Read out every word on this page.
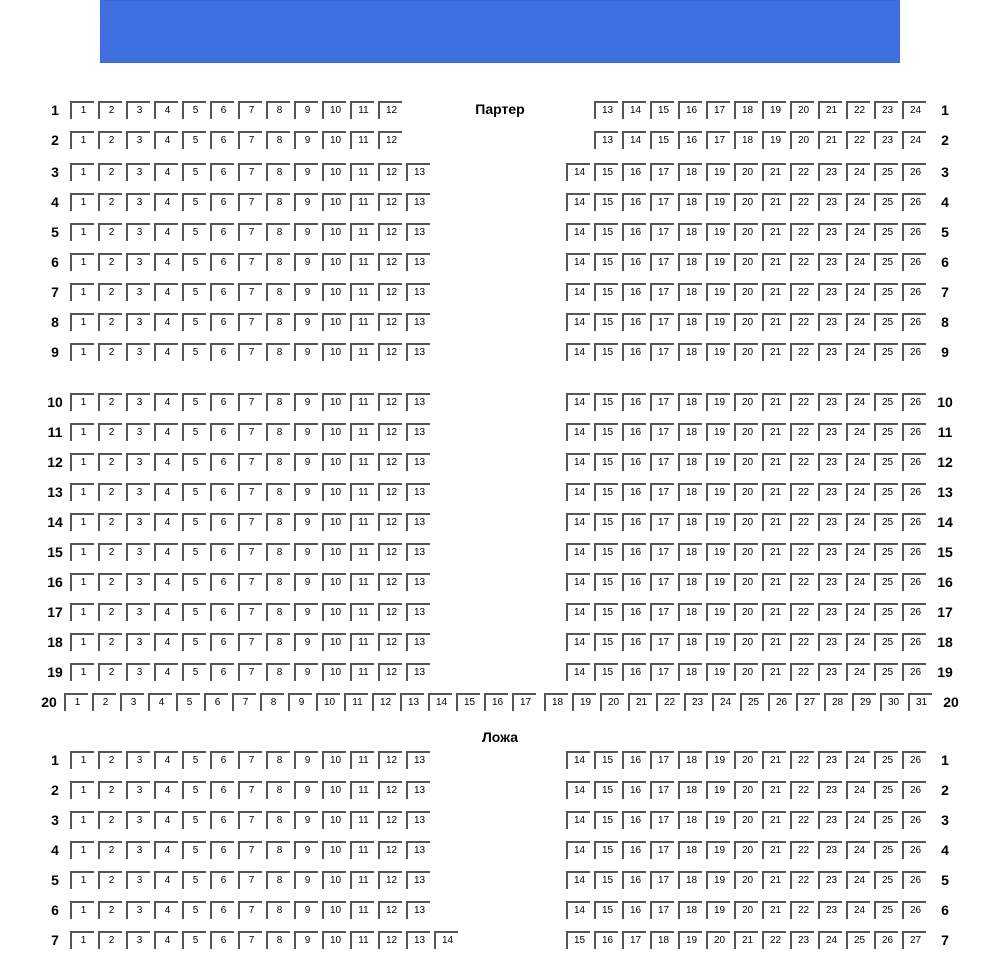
Партер
Ложа
1	1	2	3	4	5	6	7	8	9	10	11	12	13	14	15	16	17	18	19	20	21	22	23	24	1
2	1	2	3	4	5	6	7	8	9	10	11	12	13	14	15	16	17	18	19	20	21	22	23	24	2
3	1	2	3	4	5	6	7	8	9	10	11	12	13	14	15	16	17	18	19	20	21	22	23	24	25	26	3
4	1	2	3	4	5	6	7	8	9	10	11	12	13	14	15	16	17	18	19	20	21	22	23	24	25	26	4
5	1	2	3	4	5	6	7	8	9	10	11	12	13	14	15	16	17	18	19	20	21	22	23	24	25	26	5
6	1	2	3	4	5	6	7	8	9	10	11	12	13	14	15	16	17	18	19	20	21	22	23	24	25	26	6
7	1	2	3	4	5	6	7	8	9	10	11	12	13	14	15	16	17	18	19	20	21	22	23	24	25	26	7
8	1	2	3	4	5	6	7	8	9	10	11	12	13	14	15	16	17	18	19	20	21	22	23	24	25	26	8
9	1	2	3	4	5	6	7	8	9	10	11	12	13	14	15	16	17	18	19	20	21	22	23	24	25	26	9
10	1	2	3	4	5	6	7	8	9	10	11	12	13	14	15	16	17	18	19	20	21	22	23	24	25	26	10
11	1	2	3	4	5	6	7	8	9	10	11	12	13	14	15	16	17	18	19	20	21	22	23	24	25	26	11
12	1	2	3	4	5	6	7	8	9	10	11	12	13	14	15	16	17	18	19	20	21	22	23	24	25	26	12
13	1	2	3	4	5	6	7	8	9	10	11	12	13	14	15	16	17	18	19	20	21	22	23	24	25	26	13
14	1	2	3	4	5	6	7	8	9	10	11	12	13	14	15	16	17	18	19	20	21	22	23	24	25	26	14
15	1	2	3	4	5	6	7	8	9	10	11	12	13	14	15	16	17	18	19	20	21	22	23	24	25	26	15
16	1	2	3	4	5	6	7	8	9	10	11	12	13	14	15	16	17	18	19	20	21	22	23	24	25	26	16
17	1	2	3	4	5	6	7	8	9	10	11	12	13	14	15	16	17	18	19	20	21	22	23	24	25	26	17
18	1	2	3	4	5	6	7	8	9	10	11	12	13	14	15	16	17	18	19	20	21	22	23	24	25	26	18
19	1	2	3	4	5	6	7	8	9	10	11	12	13	14	15	16	17	18	19	20	21	22	23	24	25	26	19
20	1	2	3	4	5	6	7	8	9	10	11	12	13	14	15	16	17	18	19	20	21	22	23	24	25	26	27	28	29	30	31	20
1	1	2	3	4	5	6	7	8	9	10	11	12	13	14	15	16	17	18	19	20	21	22	23	24	25	26	1
2	1	2	3	4	5	6	7	8	9	10	11	12	13	14	15	16	17	18	19	20	21	22	23	24	25	26	2
3	1	2	3	4	5	6	7	8	9	10	11	12	13	14	15	16	17	18	19	20	21	22	23	24	25	26	3
4	1	2	3	4	5	6	7	8	9	10	11	12	13	14	15	16	17	18	19	20	21	22	23	24	25	26	4
5	1	2	3	4	5	6	7	8	9	10	11	12	13	14	15	16	17	18	19	20	21	22	23	24	25	26	5
6	1	2	3	4	5	6	7	8	9	10	11	12	13	14	15	16	17	18	19	20	21	22	23	24	25	26	6
7	1	2	3	4	5	6	7	8	9	10	11	12	13	14	15	16	17	18	19	20	21	22	23	24	25	26	27	7
